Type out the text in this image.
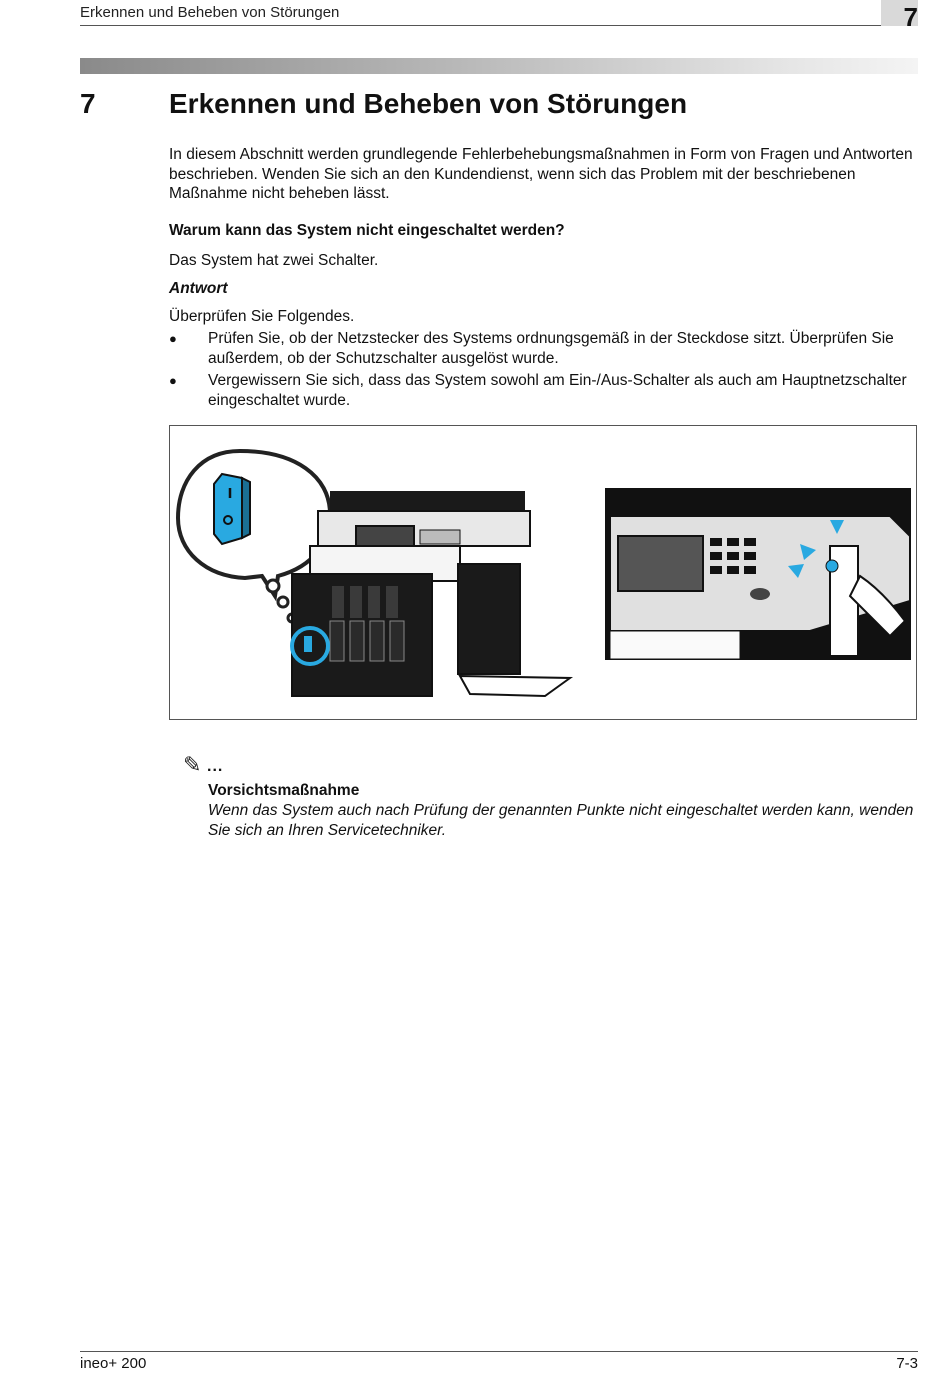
Erkennen und Beheben von Störungen	7
7	Erkennen und Beheben von Störungen
In diesem Abschnitt werden grundlegende Fehlerbehebungsmaßnahmen in Form von Fragen und Antworten beschrieben. Wenden Sie sich an den Kundendienst, wenn sich das Problem mit der beschriebenen Maßnahme nicht beheben lässt.
Warum kann das System nicht eingeschaltet werden?
Das System hat zwei Schalter.
Antwort
Überprüfen Sie Folgendes.
● Prüfen Sie, ob der Netzstecker des Systems ordnungsgemäß in der Steckdose sitzt. Überprüfen Sie außerdem, ob der Schutzschalter ausgelöst wurde.
● Vergewissern Sie sich, dass das System sowohl am Ein-/Aus-Schalter als auch am Hauptnetzschalter eingeschaltet wurde.
✎ ...
Vorsichtsmaßnahme
Wenn das System auch nach Prüfung der genannten Punkte nicht eingeschaltet werden kann, wenden Sie sich an Ihren Servicetechniker.
ineo+ 200	7-3
